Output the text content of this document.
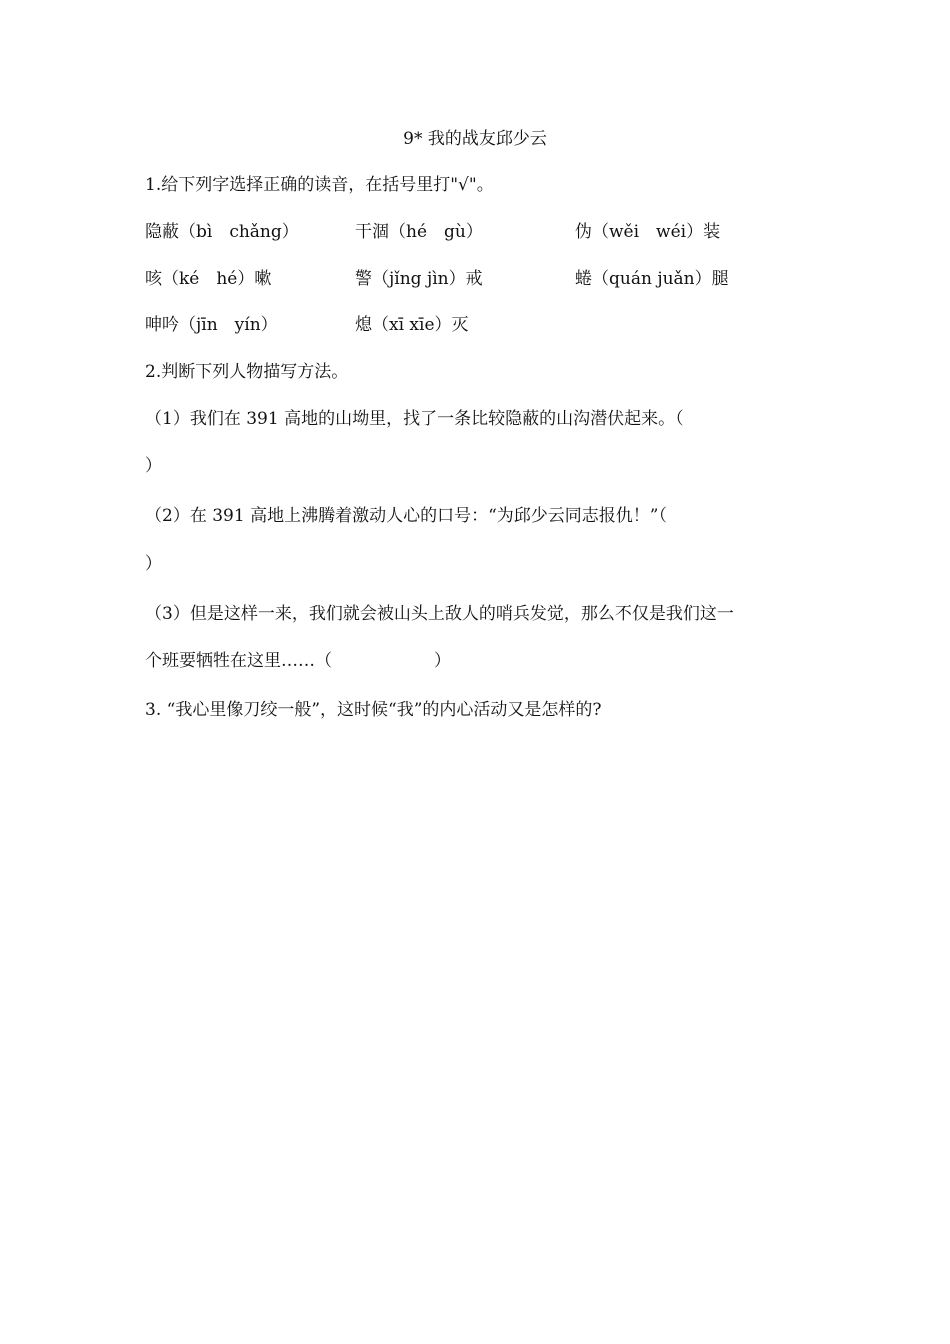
9* 我的战友邱少云
1.给下列字选择正确的读音，在括号里打"√"。
隐蔽（bì　chǎng）	干涸（hé　gù）	伪（wěi　wéi）装
咳（ké　hé）嗽	警（jǐng jìn）戒	蜷（quán juǎn）腿
呻吟（jīn　yín）	熄（xī xīe）灭
2.判断下列人物描写方法。
（1）我们在 391 高地的山坳里，找了一条比较隐蔽的山沟潜伏起来。（
）
（2）在 391 高地上沸腾着激动人心的口号：“为邱少云同志报仇！”（
）
（3）但是这样一来，我们就会被山头上敌人的哨兵发觉，那么不仅是我们这一
个班要牺牲在这里……（　　　　　　）
3. “我心里像刀绞一般”，这时候“我”的内心活动又是怎样的?
